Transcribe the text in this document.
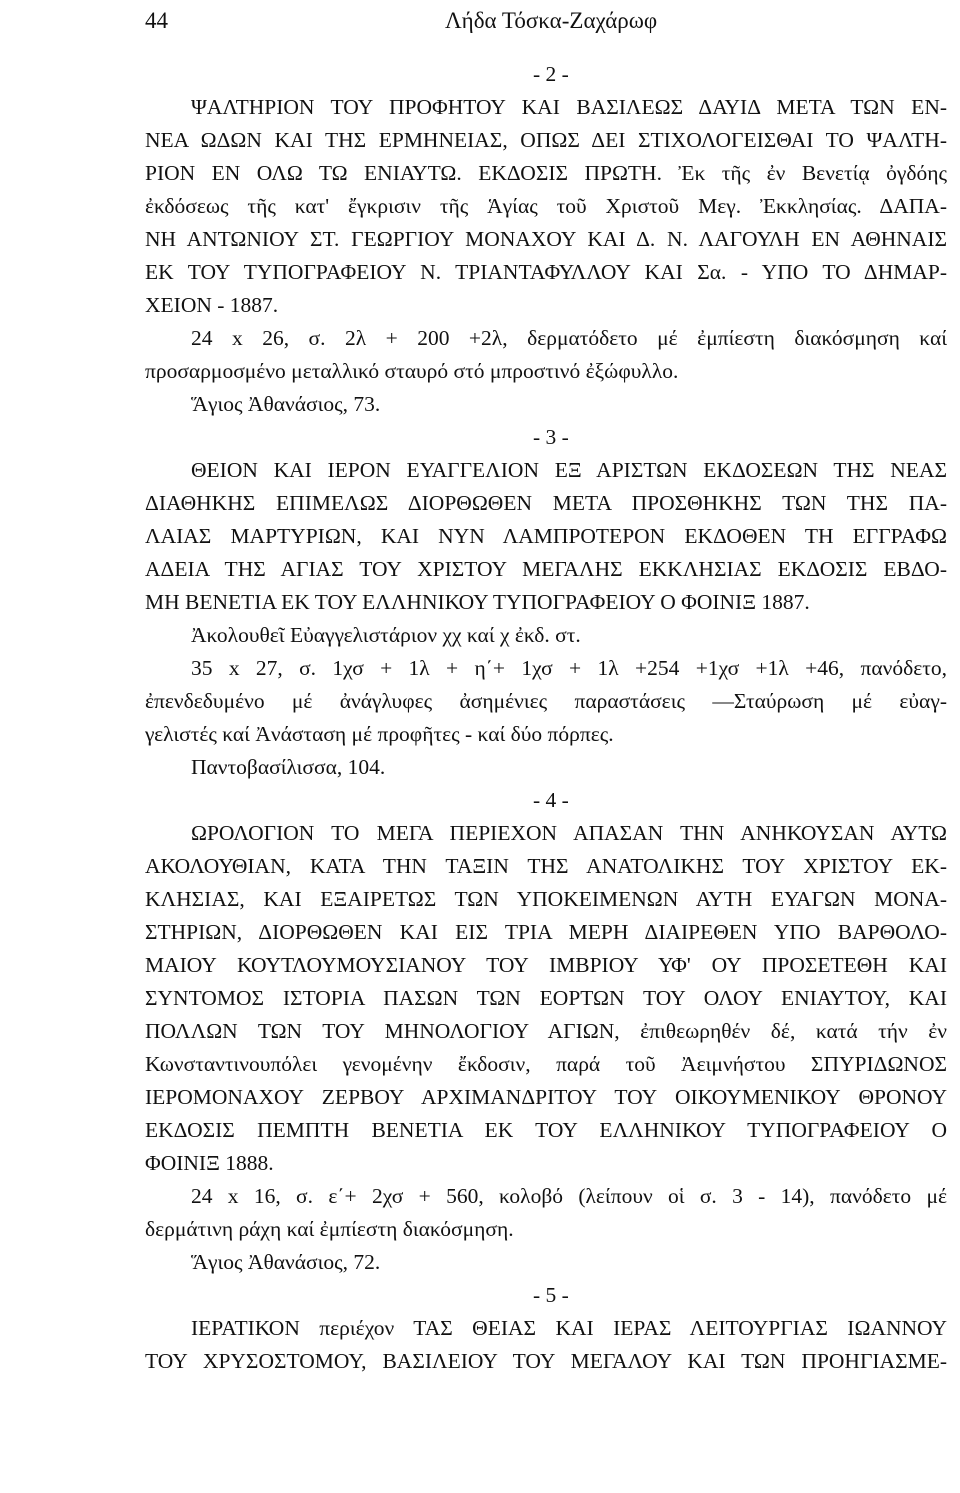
44	Λήδα Τόσκα-Ζαχάρωφ
- 2 -
ΨΑΛΤΗΡΙΟΝ ΤΟΥ ΠΡΟΦΗΤΟΥ ΚΑΙ ΒΑΣΙΛΕΩΣ ΔΑΥΙΔ ΜΕΤΑ ΤΩΝ ΕΝ-
ΝΕΑ ΩΔΩΝ ΚΑΙ ΤΗΣ ΕΡΜΗΝΕΙΑΣ, ΟΠΩΣ ΔΕΙ ΣΤΙΧΟΛΟΓΕΙΣΘΑΙ ΤΟ ΨΑΛΤΗ-
ΡΙΟΝ ΕΝ ΟΛΩ ΤΩ ΕΝΙΑΥΤΩ. ΕΚΔΟΣΙΣ ΠΡΩΤΗ. Ἐκ τῆς ἐν Βενετίᾳ ὀγδόης
ἐκδόσεως τῆς κατ' ἔγκρισιν τῆς Ἁγίας τοῦ Χριστοῦ Μεγ. Ἐκκλησίας. ΔΑΠΑ-
ΝΗ ΑΝΤΩΝΙΟΥ ΣΤ. ΓΕΩΡΓΙΟΥ ΜΟΝΑΧΟΥ ΚΑΙ Δ. Ν. ΛΑΓΟΥΛΗ ΕΝ ΑΘΗΝΑΙΣ
ΕΚ ΤΟΥ ΤΥΠΟΓΡΑΦΕΙΟΥ Ν. ΤΡΙΑΝΤΑΦΥΛΛΟΥ ΚΑΙ Σα. - ΥΠΟ ΤΟ ΔΗΜΑΡ-
ΧΕΙΟΝ - 1887.
24 x 26, σ. 2λ + 200 +2λ, δερματόδετο μέ ἐμπίεστη διακόσμηση καί
προσαρμοσμένο μεταλλικό σταυρό στό μπροστινό ἐξώφυλλο.
Ἅγιος Ἀθανάσιος, 73.
- 3 -
ΘΕΙΟΝ ΚΑΙ ΙΕΡΟΝ ΕΥΑΓΓΕΛΙΟΝ ΕΞ ΑΡΙΣΤΩΝ ΕΚΔΟΣΕΩΝ ΤΗΣ ΝΕΑΣ
ΔΙΑΘΗΚΗΣ ΕΠΙΜΕΛΩΣ ΔΙΟΡΘΩΘΕΝ ΜΕΤΑ ΠΡΟΣΘΗΚΗΣ ΤΩΝ ΤΗΣ ΠΑ-
ΛΑΙΑΣ ΜΑΡΤΥΡΙΩΝ, ΚΑΙ ΝΥΝ ΛΑΜΠΡΟΤΕΡΟΝ ΕΚΔΟΘΕΝ ΤΗ ΕΓΓΡΑΦΩ
ΑΔΕΙΑ ΤΗΣ ΑΓΙΑΣ ΤΟΥ ΧΡΙΣΤΟΥ ΜΕΓΑΛΗΣ ΕΚΚΛΗΣΙΑΣ ΕΚΔΟΣΙΣ ΕΒΔΟ-
ΜΗ ΒΕΝΕΤΙΑ ΕΚ ΤΟΥ ΕΛΛΗΝΙΚΟΥ ΤΥΠΟΓΡΑΦΕΙΟΥ Ο ΦΟΙΝΙΞ 1887.
Ἀκολουθεῖ Εὐαγγελιστάριον χχ καί χ ἐκδ. στ.
35 x 27, σ. 1χσ + 1λ + η΄+ 1χσ + 1λ +254 +1χσ +1λ +46, πανόδετο,
ἐπενδεδυμένο μέ ἀνάγλυφες ἀσημένιες παραστάσεις —Σταύρωση μέ εὐαγ-
γελιστές καί Ἀνάσταση μέ προφῆτες - καί δύο πόρπες.
Παντοβασίλισσα, 104.
- 4 -
ΩΡΟΛΟΓΙΟΝ ΤΟ ΜΕΓΑ ΠΕΡΙΕΧΟΝ ΑΠΑΣΑΝ ΤΗΝ ΑΝΗΚΟΥΣΑΝ ΑΥΤΩ
ΑΚΟΛΟΥΘΙΑΝ, ΚΑΤΑ ΤΗΝ ΤΑΞΙΝ ΤΗΣ ΑΝΑΤΟΛΙΚΗΣ ΤΟΥ ΧΡΙΣΤΟΥ ΕΚ-
ΚΛΗΣΙΑΣ, ΚΑΙ ΕΞΑΙΡΕΤΩΣ ΤΩΝ ΥΠΟΚΕΙΜΕΝΩΝ ΑΥΤΗ ΕΥΑΓΩΝ ΜΟΝΑ-
ΣΤΗΡΙΩΝ, ΔΙΟΡΘΩΘΕΝ ΚΑΙ ΕΙΣ ΤΡΙΑ ΜΕΡΗ ΔΙΑΙΡΕΘΕΝ ΥΠΟ ΒΑΡΘΟΛΟ-
ΜΑΙΟΥ ΚΟΥΤΛΟΥΜΟΥΣΙΑΝΟΥ ΤΟΥ ΙΜΒΡΙΟΥ ΥΦ' ΟΥ ΠΡΟΣΕΤΕΘΗ ΚΑΙ
ΣΥΝΤΟΜΟΣ ΙΣΤΟΡΙΑ ΠΑΣΩΝ ΤΩΝ ΕΟΡΤΩΝ ΤΟΥ ΟΛΟΥ ΕΝΙΑΥΤΟΥ, ΚΑΙ
ΠΟΛΛΩΝ ΤΩΝ ΤΟΥ ΜΗΝΟΛΟΓΙΟΥ ΑΓΙΩΝ, ἐπιθεωρηθέν δέ, κατά τήν ἐν
Κωνσταντινουπόλει γενομένην ἔκδοσιν, παρά τοῦ Ἀειμνήστου ΣΠΥΡΙΔΩΝΟΣ
ΙΕΡΟΜΟΝΑΧΟΥ ΖΕΡΒΟΥ ΑΡΧΙΜΑΝΔΡΙΤΟΥ ΤΟΥ ΟΙΚΟΥΜΕΝΙΚΟΥ ΘΡΟΝΟΥ
ΕΚΔΟΣΙΣ ΠΕΜΠΤΗ ΒΕΝΕΤΙΑ ΕΚ ΤΟΥ ΕΛΛΗΝΙΚΟΥ ΤΥΠΟΓΡΑΦΕΙΟΥ Ο
ΦΟΙΝΙΞ 1888.
24 x 16, σ. ε΄+ 2χσ + 560, κολοβό (λείπουν οἱ σ. 3 - 14), πανόδετο μέ
δερμάτινη ράχη καί ἐμπίεστη διακόσμηση.
Ἅγιος Ἀθανάσιος, 72.
- 5 -
ΙΕΡΑΤΙΚΟΝ περιέχον ΤΑΣ ΘΕΙΑΣ ΚΑΙ ΙΕΡΑΣ ΛΕΙΤΟΥΡΓΙΑΣ ΙΩΑΝΝΟΥ
ΤΟΥ ΧΡΥΣΟΣΤΟΜΟΥ, ΒΑΣΙΛΕΙΟΥ ΤΟΥ ΜΕΓΑΛΟΥ ΚΑΙ ΤΩΝ ΠΡΟΗΓΙΑΣΜΕ-
